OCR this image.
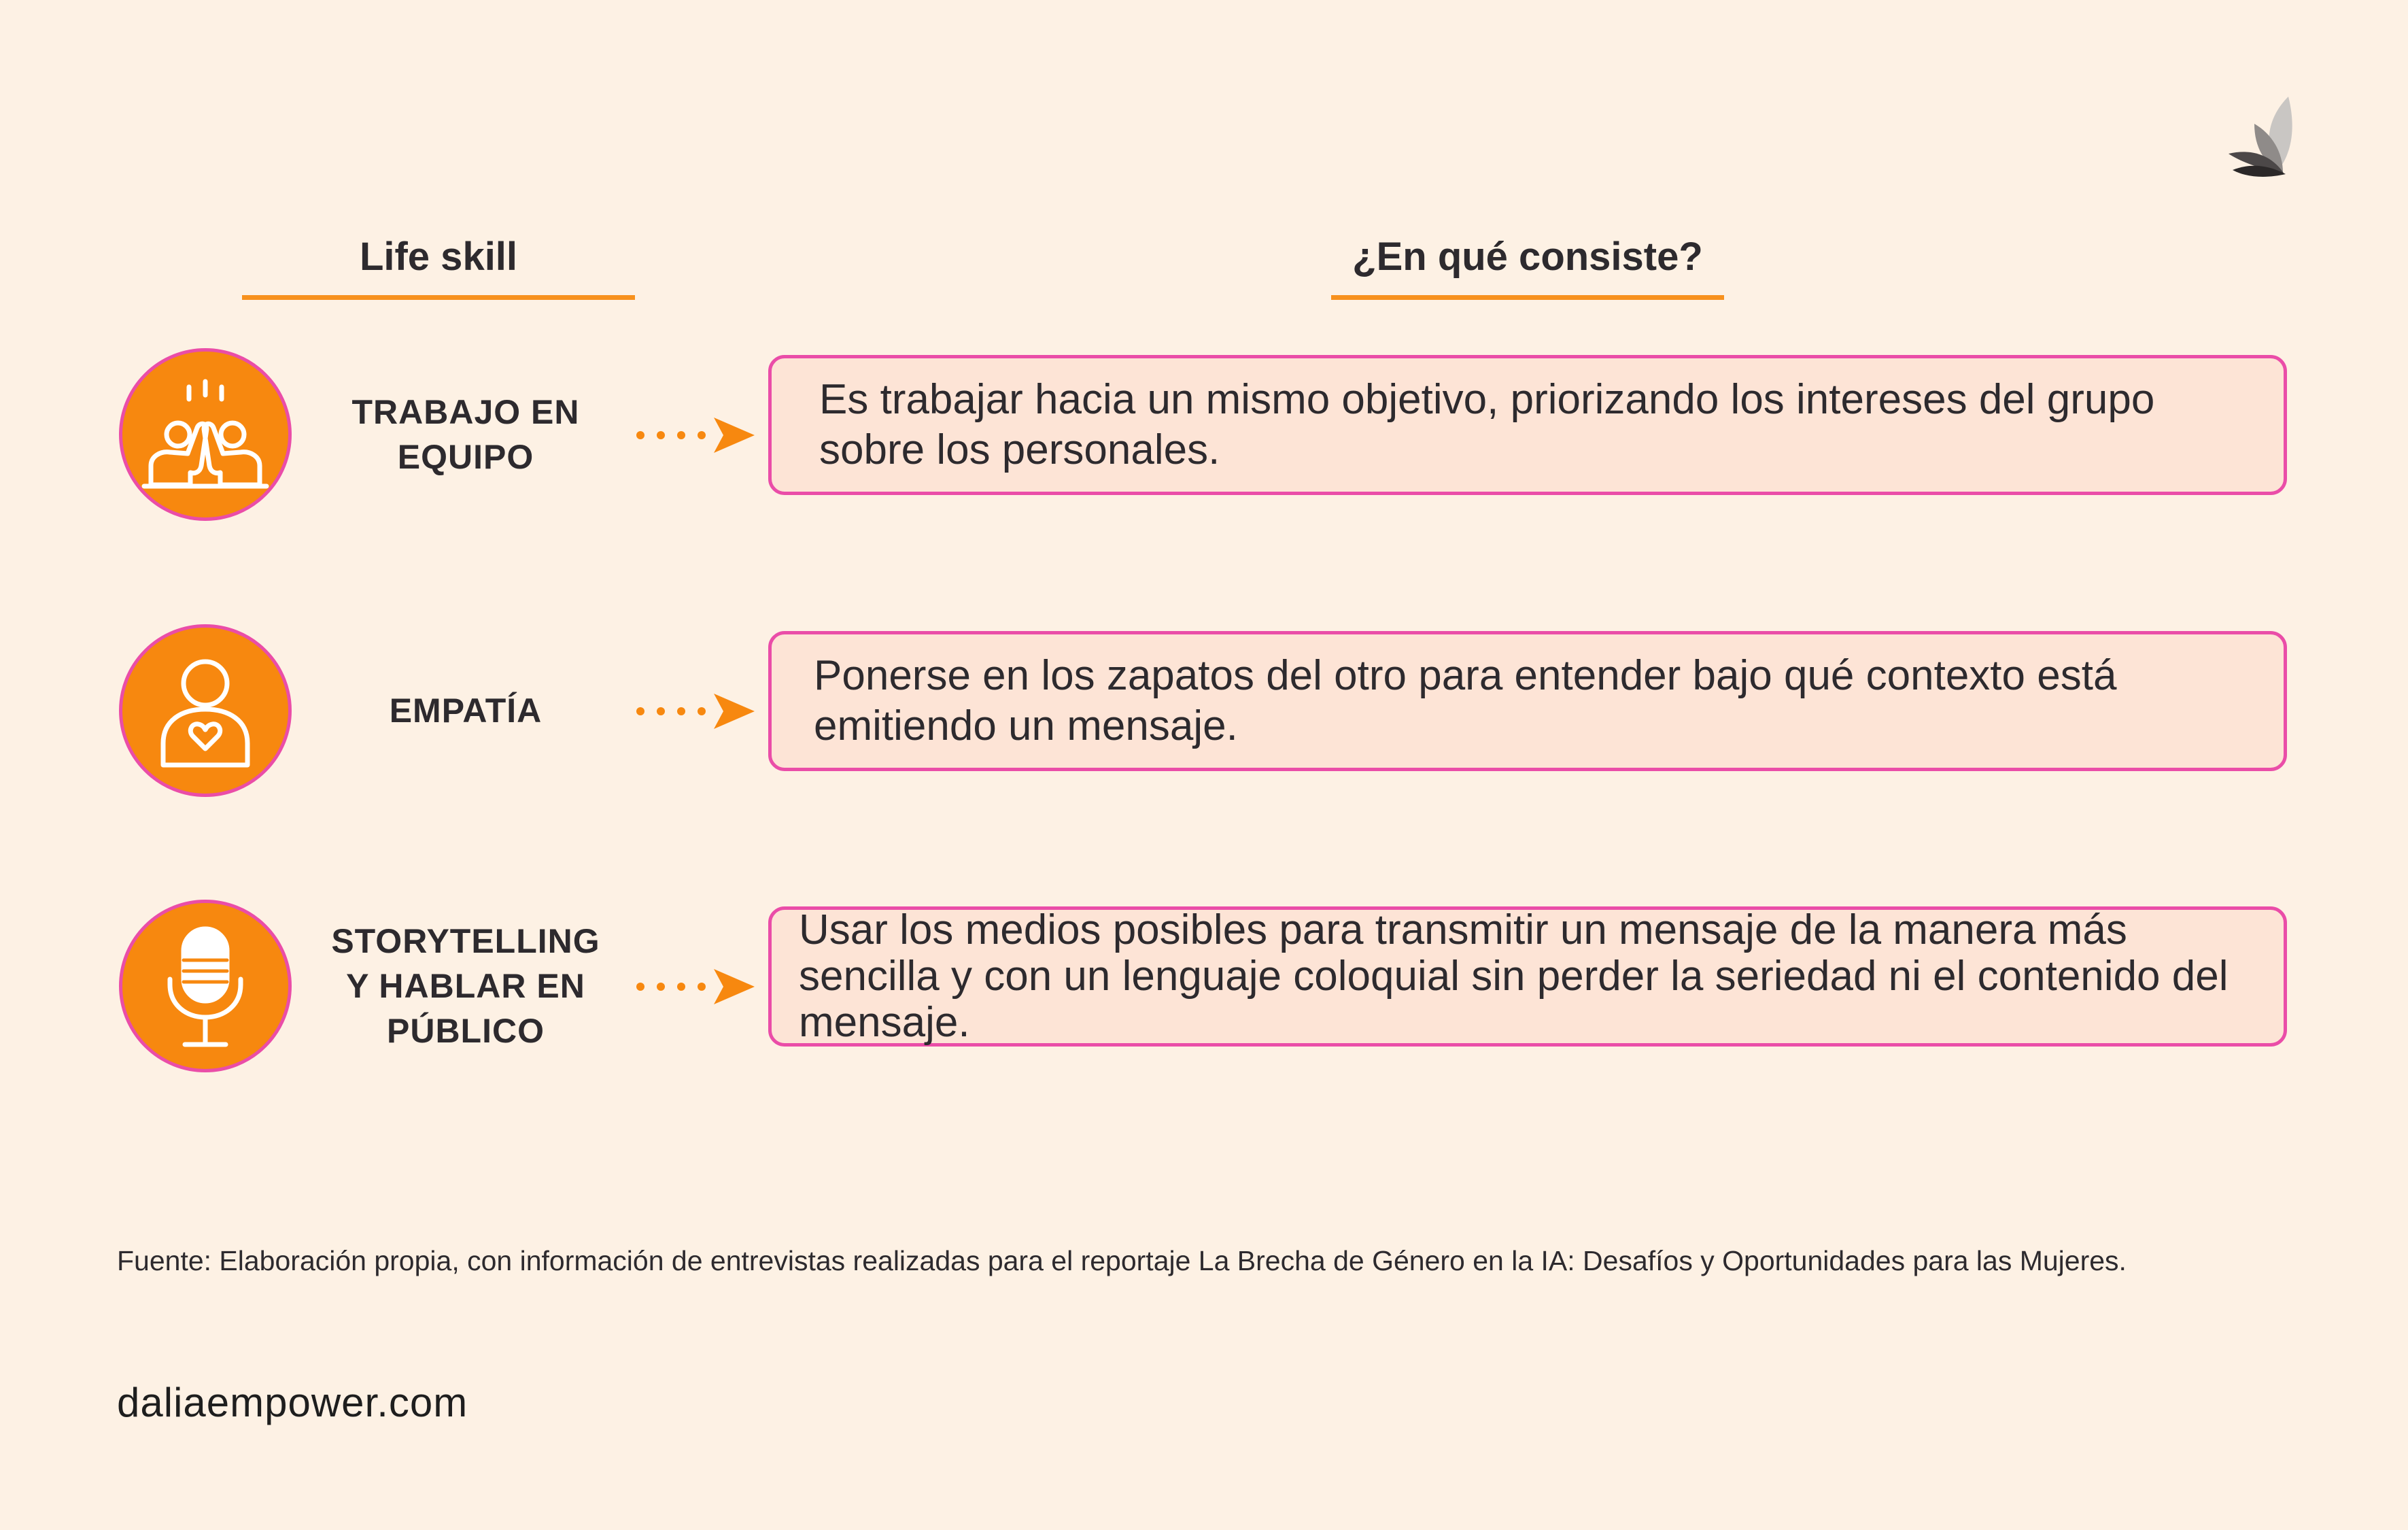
Life skill	¿En qué consiste?
TRABAJO EN
EQUIPO
Es trabajar hacia un mismo objetivo, priorizando los intereses del grupo sobre los personales.
EMPATÍA
Ponerse en los zapatos del otro para entender bajo qué contexto está emitiendo un mensaje.
STORYTELLING
Y HABLAR EN
PÚBLICO
Usar los medios posibles para transmitir un mensaje de la manera más sencilla y con un lenguaje coloquial sin perder la seriedad ni el contenido del mensaje.
Fuente: Elaboración propia, con información de entrevistas realizadas para el reportaje La Brecha de Género en la IA: Desafíos y Oportunidades para las Mujeres.
daliaempower.com
